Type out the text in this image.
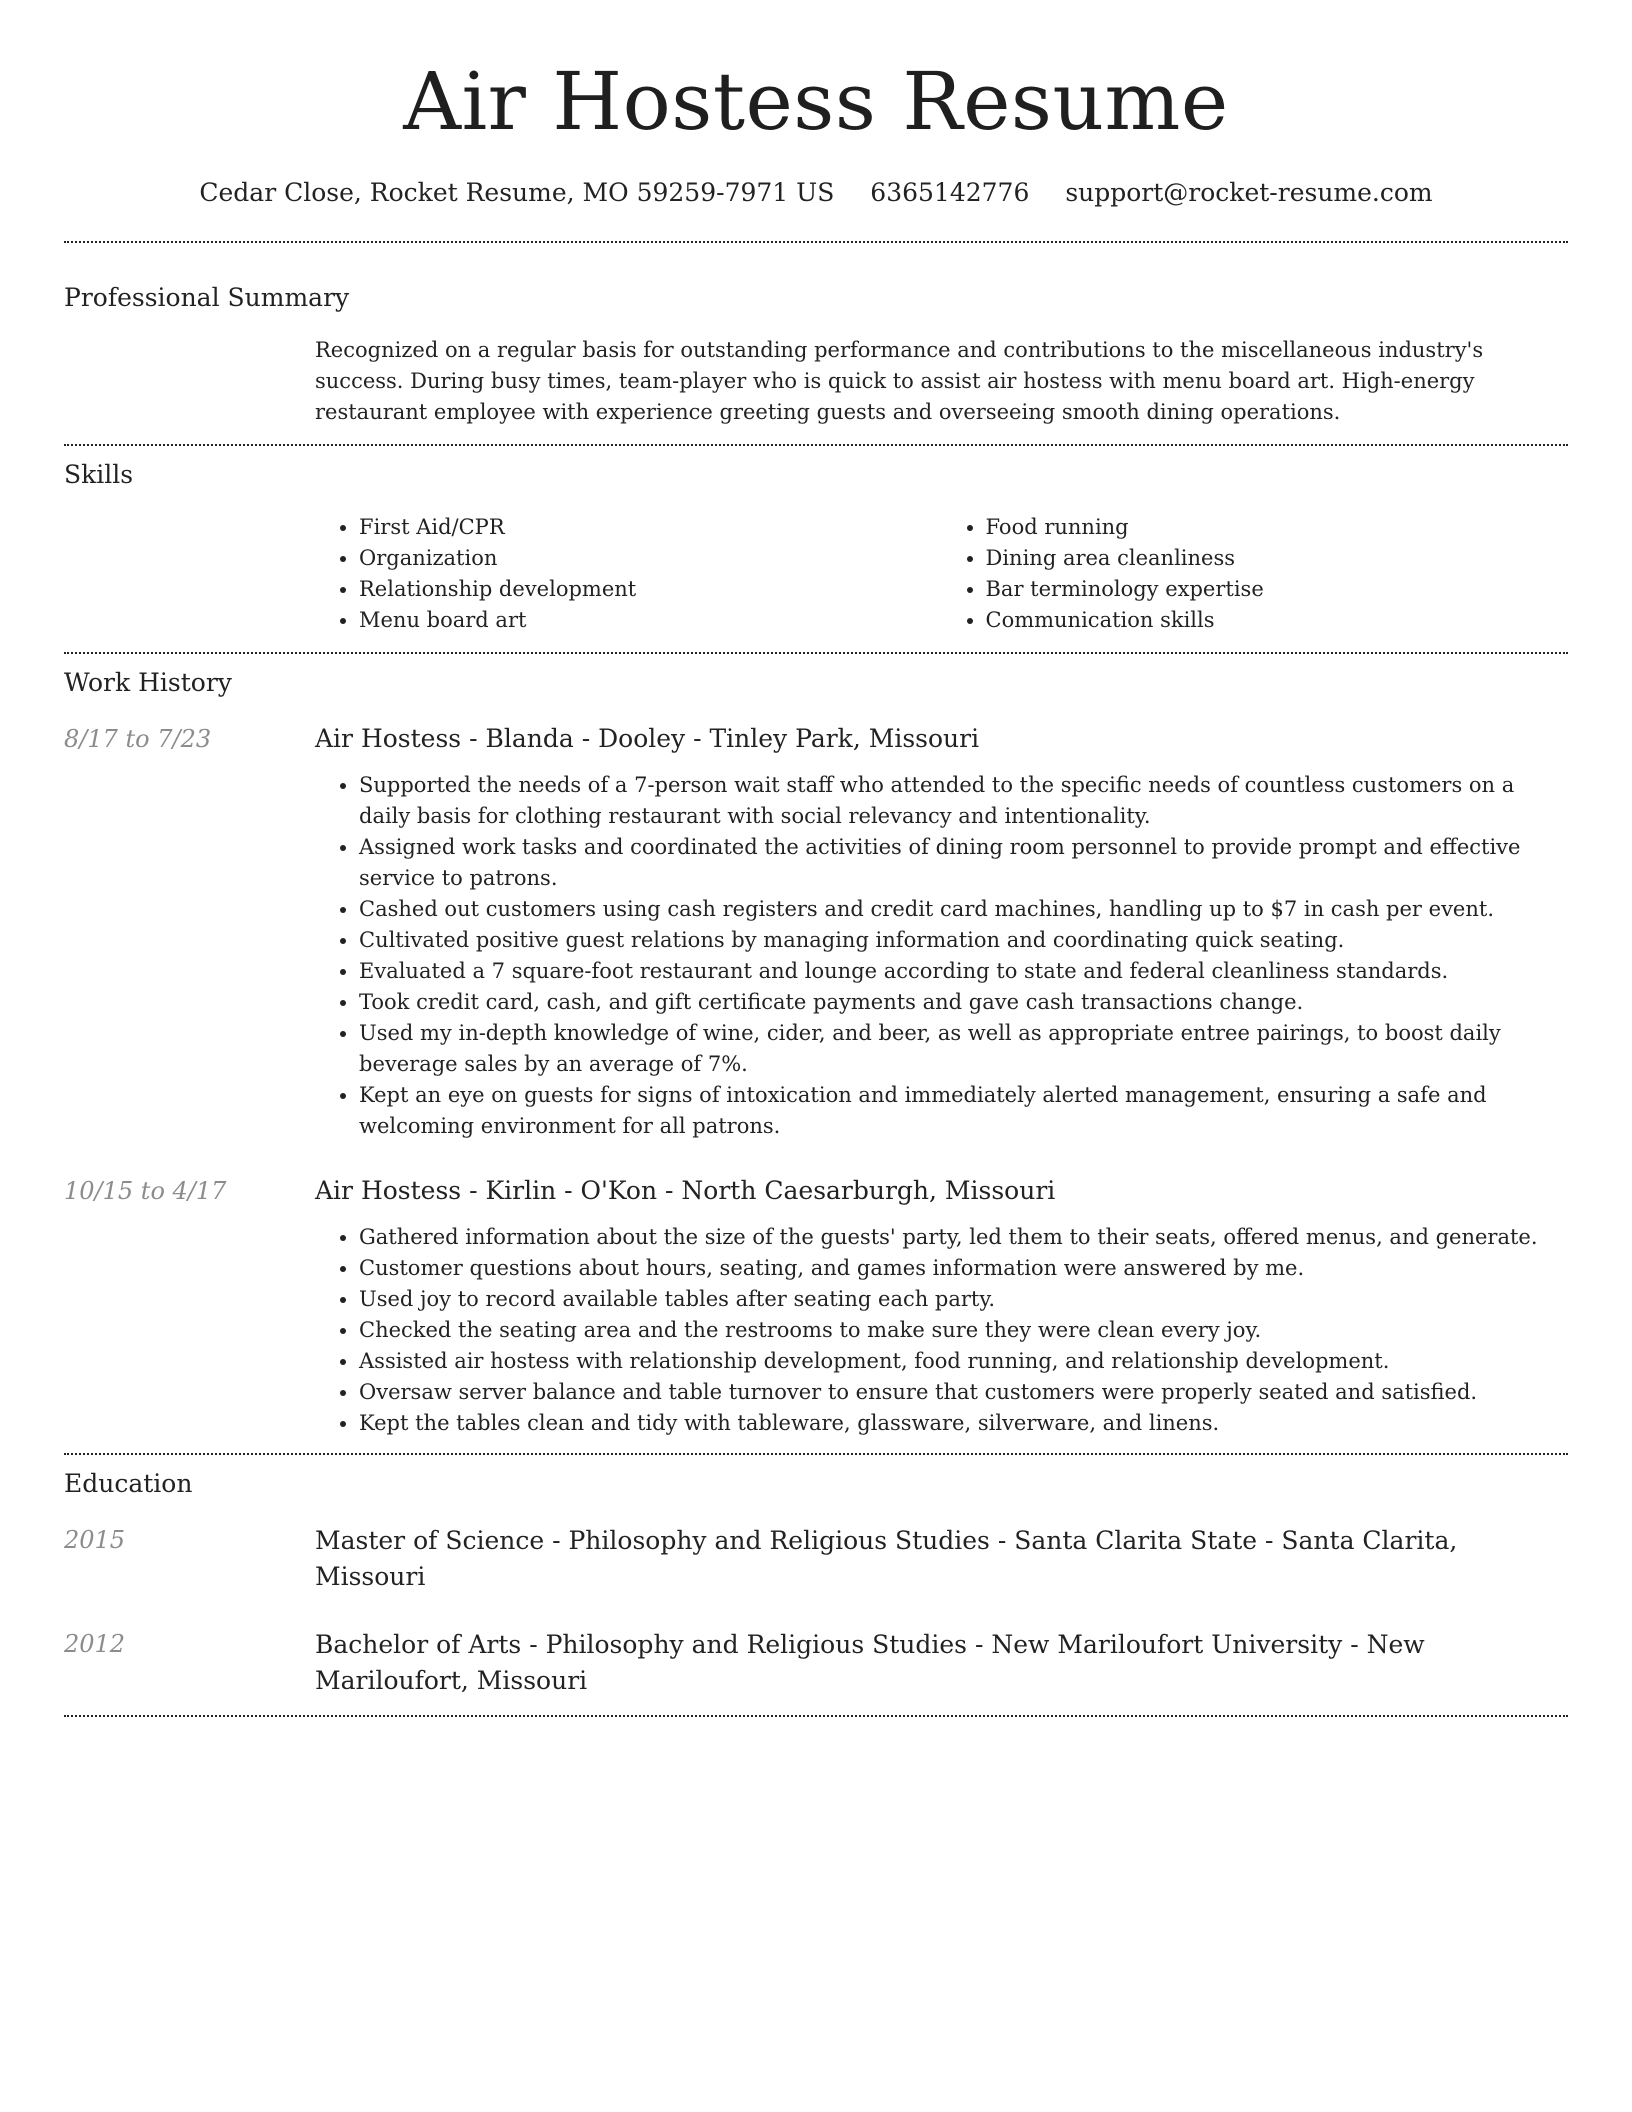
Air Hostess Resume
Cedar Close, Rocket Resume, MO 59259-7971 US 6365142776 support@rocket-resume.com
Professional Summary

Recognized on a regular basis for outstanding performance and contributions to the miscellaneous industry's success. During busy times, team-player who is quick to assist air hostess with menu board art. High-energy restaurant employee with experience greeting guests and overseeing smooth dining operations.

Skills
• First Aid/CPR
• Organization
• Relationship development
• Menu board art
• Food running
• Dining area cleanliness
• Bar terminology expertise
• Communication skills
Work History
8/17 to 7/23	Air Hostess - Blanda - Dooley - Tinley Park, Missouri

• Supported the needs of a 7-person wait staff who attended to the specific needs of countless customers on a daily basis for clothing restaurant with social relevancy and intentionality.
• Assigned work tasks and coordinated the activities of dining room personnel to provide prompt and effective service to patrons.
• Cashed out customers using cash registers and credit card machines, handling up to $7 in cash per event.
• Cultivated positive guest relations by managing information and coordinating quick seating.
• Evaluated a 7 square-foot restaurant and lounge according to state and federal cleanliness standards.
• Took credit card, cash, and gift certificate payments and gave cash transactions change.
• Used my in-depth knowledge of wine, cider, and beer, as well as appropriate entree pairings, to boost daily beverage sales by an average of 7%.
• Kept an eye on guests for signs of intoxication and immediately alerted management, ensuring a safe and welcoming environment for all patrons.
10/15 to 4/17	Air Hostess - Kirlin - O'Kon - North Caesarburgh, Missouri

• Gathered information about the size of the guests' party, led them to their seats, offered menus, and generate.
• Customer questions about hours, seating, and games information were answered by me.
• Used joy to record available tables after seating each party.
• Checked the seating area and the restrooms to make sure they were clean every joy.
• Assisted air hostess with relationship development, food running, and relationship development.
• Oversaw server balance and table turnover to ensure that customers were properly seated and satisfied.
• Kept the tables clean and tidy with tableware, glassware, silverware, and linens.
Education
2015	Master of Science - Philosophy and Religious Studies - Santa Clarita State - Santa Clarita, Missouri

2012	Bachelor of Arts - Philosophy and Religious Studies - New Mariloufort University - New Mariloufort, Missouri
